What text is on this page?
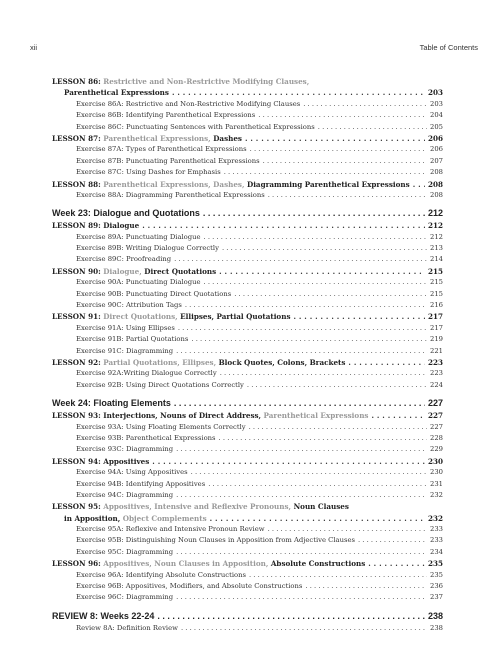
xii	Table of Contents
LESSON 86: Restrictive and Non-Restrictive Modifying Clauses,
Parenthetical Expressions . . .	203
Exercise 86A: Restrictive and Non-Restrictive Modifying Clauses . . .	203
Exercise 86B: Identifying Parenthetical Expressions . . .	204
Exercise 86C: Punctuating Sentences with Parenthetical Expressions . . .	205
LESSON 87: Parenthetical Expressions, Dashes . . .	206
Exercise 87A: Types of Parenthetical Expressions . . .	206
Exercise 87B: Punctuating Parenthetical Expressions . . .	207
Exercise 87C: Using Dashes for Emphasis . . .	208
LESSON 88: Parenthetical Expressions, Dashes, Diagramming Parenthetical Expressions . . .	208
Exercise 88A: Diagramming Parenthetical Expressions . . .	208
Week 23: Dialogue and Quotations . . .	212
LESSON 89: Dialogue . . .	212
Exercise 89A: Punctuating Dialogue . . .	212
Exercise 89B: Writing Dialogue Correctly . . .	213
Exercise 89C: Proofreading . . .	214
LESSON 90: Dialogue, Direct Quotations . . .	215
Exercise 90A: Punctuating Dialogue . . .	215
Exercise 90B: Punctuating Direct Quotations . . .	215
Exercise 90C: Attribution Tags . . .	216
LESSON 91: Direct Quotations, Ellipses, Partial Quotations . . .	217
Exercise 91A: Using Ellipses . . .	217
Exercise 91B: Partial Quotations . . .	219
Exercise 91C: Diagramming . . .	221
LESSON 92: Partial Quotations, Ellipses, Block Quotes, Colons, Brackets . . .	223
Exercise 92A:Writing Dialogue Correctly . . .	223
Exercise 92B: Using Direct Quotations Correctly . . .	224
Week 24: Floating Elements . . .	227
LESSON 93: Interjections, Nouns of Direct Address, Parenthetical Expressions . . .	227
Exercise 93A: Using Floating Elements Correctly . . .	227
Exercise 93B: Parenthetical Expressions . . .	228
Exercise 93C: Diagramming . . .	229
LESSON 94: Appositives . . .	230
Exercise 94A: Using Appositives . . .	230
Exercise 94B: Identifying Appositives . . .	231
Exercise 94C: Diagramming . . .	232
LESSON 95: Appositives, Intensive and Reflexive Pronouns, Noun Clauses
in Apposition, Object Complements . . .	232
Exercise 95A: Reflexive and Intensive Pronoun Review . . .	233
Exercise 95B: Distinguishing Noun Clauses in Apposition from Adjective Clauses . . .	233
Exercise 95C: Diagramming . . .	234
LESSON 96: Appositives, Noun Clauses in Apposition, Absolute Constructions . . .	235
Exercise 96A: Identifying Absolute Constructions . . .	235
Exercise 96B: Appositives, Modifiers, and Absolute Constructions . . .	236
Exercise 96C: Diagramming . . .	237
REVIEW 8: Weeks 22-24 . . .	238
Review 8A: Definition Review . . .	238
